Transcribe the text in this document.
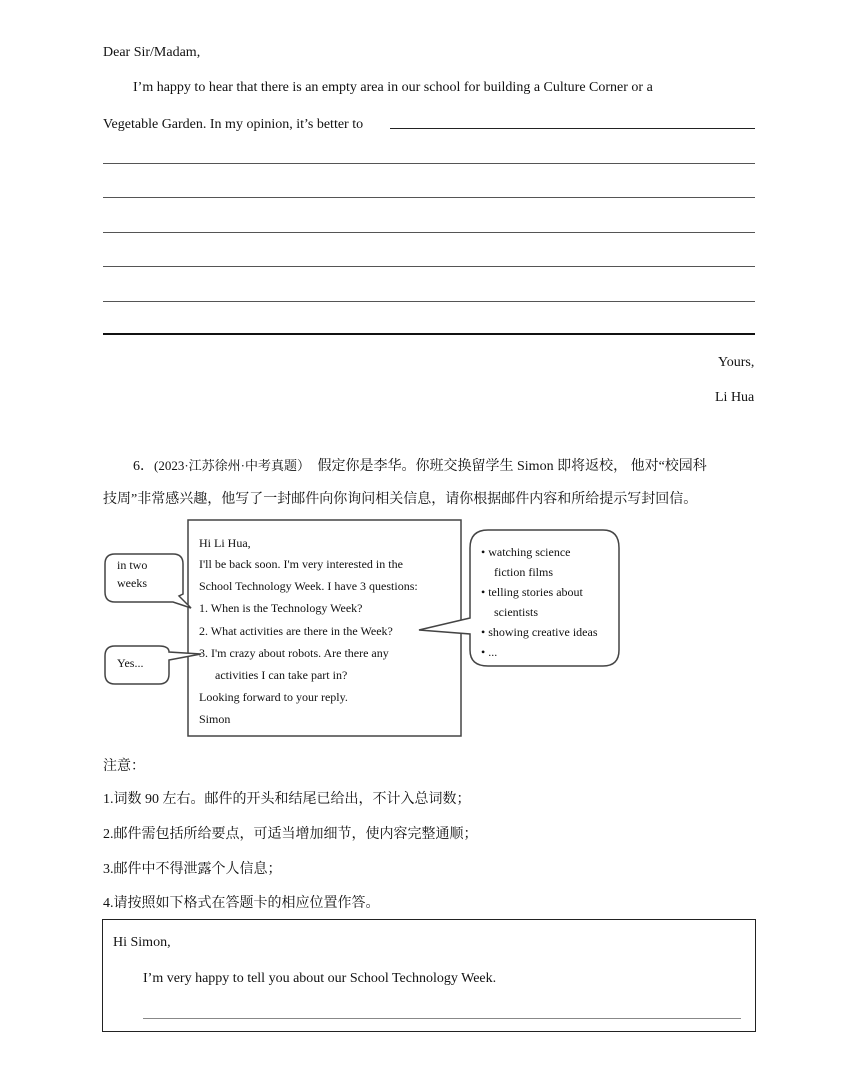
Dear Sir/Madam,
I’m happy to hear that there is an empty area in our school for building a Culture Corner or a
Vegetable Garden. In my opinion, it’s better to
Yours,
Li Hua
6．(2023·江苏徐州·中考真题）　 假定你是李华。你班交换留学生 Simon 即将返校， 他对“校园科
技周”非常感兴趣，他写了一封邮件向你询问相关信息，请你根据邮件内容和所给提示写封回信。
Hi Li Hua,
I'll be back soon. I'm very interested in the
School Technology Week. I have 3 questions:
1. When is the Technology Week?
2. What activities are there in the Week?
3. I'm crazy about robots. Are there any
activities I can take part in?
Looking forward to your reply.
Simon
in two
weeks
Yes...
• watching science
fiction films
• telling stories about
scientists
• showing creative ideas
• ...
注意：
1.词数 90 左右。邮件的开头和结尾已给出，不计入总词数；
2.邮件需包括所给要点，可适当增加细节，使内容完整通顺；
3.邮件中不得泄露个人信息；
4.请按照如下格式在答题卡的相应位置作答。
Hi Simon,
I’m very happy to tell you about our School Technology Week.
